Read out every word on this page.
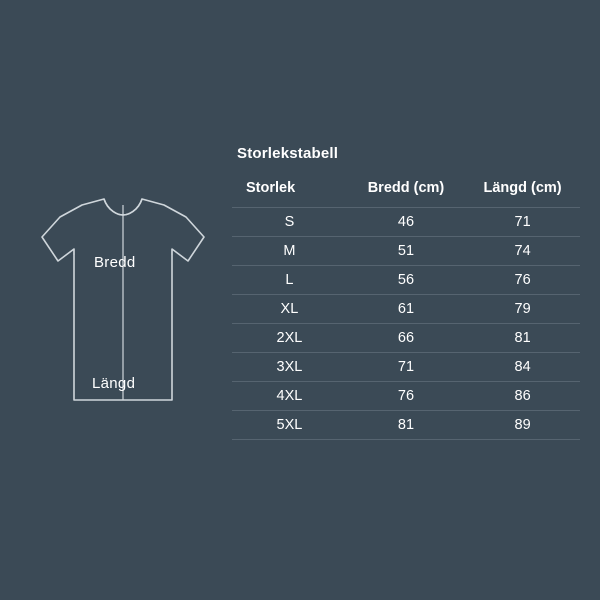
Bredd
Längd
Storlekstabell
Storlek	Bredd (cm)	Längd (cm)
S	46	71
M	51	74
L	56	76
XL	61	79
2XL	66	81
3XL	71	84
4XL	76	86
5XL	81	89
